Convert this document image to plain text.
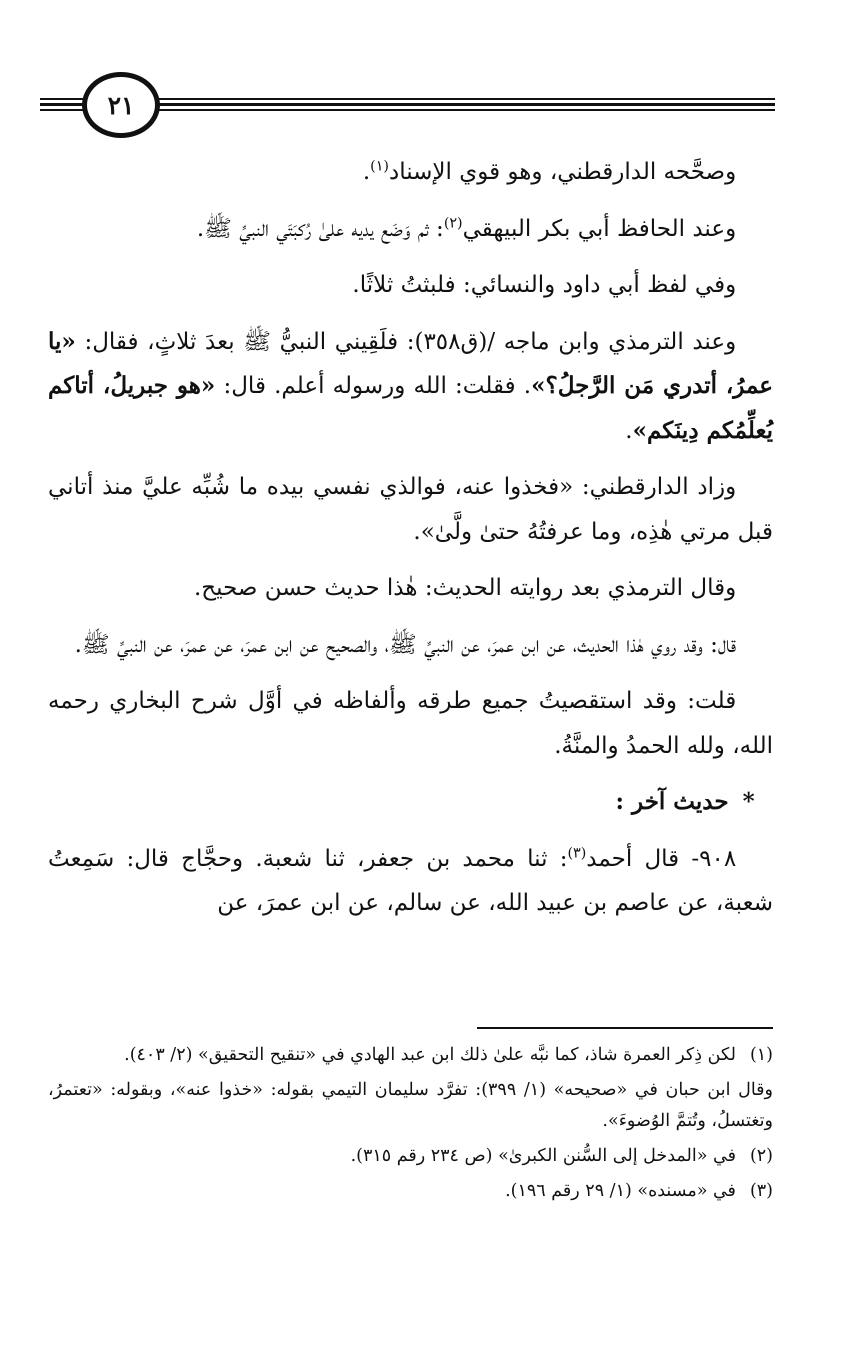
٢١

وصحَّحه الدارقطني، وهو قوي الإسناد$^{(١)}$.

وعند الحافظ أبي بكر البيهقي$^{(٢)}$: ثم وَضَع يديه علىٰ رُكبَتَي النبيِّ ﷺ.

وفي لفظ أبي داود والنسائي: فلبثتُ ثلاثًا.

وعند الترمذي وابن ماجه /(ق٣٥٨): فلَقِيني النبيُّ ﷺ بعدَ ثلاثٍ، فقال: «يا عمرُ، أتدري مَن الرَّجلُ؟». فقلت: الله ورسوله أعلم. قال: «هو جبريلُ، أتاكم يُعلِّمُكم دِينَكم».

وزاد الدارقطني: «فخذوا عنه، فوالذي نفسي بيده ما شُبِّه عليَّ منذ أتاني قبل مرتي هٰذِه، وما عرفتُهُ حتىٰ ولَّىٰ».

وقال الترمذي بعد روايته الحديث: هٰذا حديث حسن صحيح.

قال: وقد روي هٰذا الحديث، عن ابن عمرَ، عن النبيِّ ﷺ، والصحيح عن ابن عمرَ، عن عمرَ، عن النبيِّ ﷺ.

قلت: وقد استقصيتُ جميع طرقه وألفاظه في أوَّل شرح البخاري رحمه الله، ولله الحمدُ والمنَّةُ.

*حديث آخر :

٩٠٨- قال أحمد$^{(٣)}$: ثنا محمد بن جعفر، ثنا شعبة. وحجَّاج قال: سَمِعتُ شعبة، عن عاصم بن عبيد الله، عن سالم، عن ابن عمرَ، عن

(١)
لكن ذِكر العمرة شاذ، كما نبَّه علىٰ ذلك ابن عبد الهادي في «تنقيح التحقيق» (٢/ ٤٠٣).
وقال ابن حبان في «صحيحه» (١/ ٣٩٩): تفرَّد سليمان التيمي بقوله: «خذوا عنه»، وبقوله: «تعتمرُ، وتغتسلُ، وتُتمَّ الوُضوءَ».
(٢)
في «المدخل إلى السُّنن الكبرىٰ» (ص ٢٣٤ رقم ٣١٥).
(٣)
في «مسنده» (١/ ٢٩ رقم ١٩٦).
